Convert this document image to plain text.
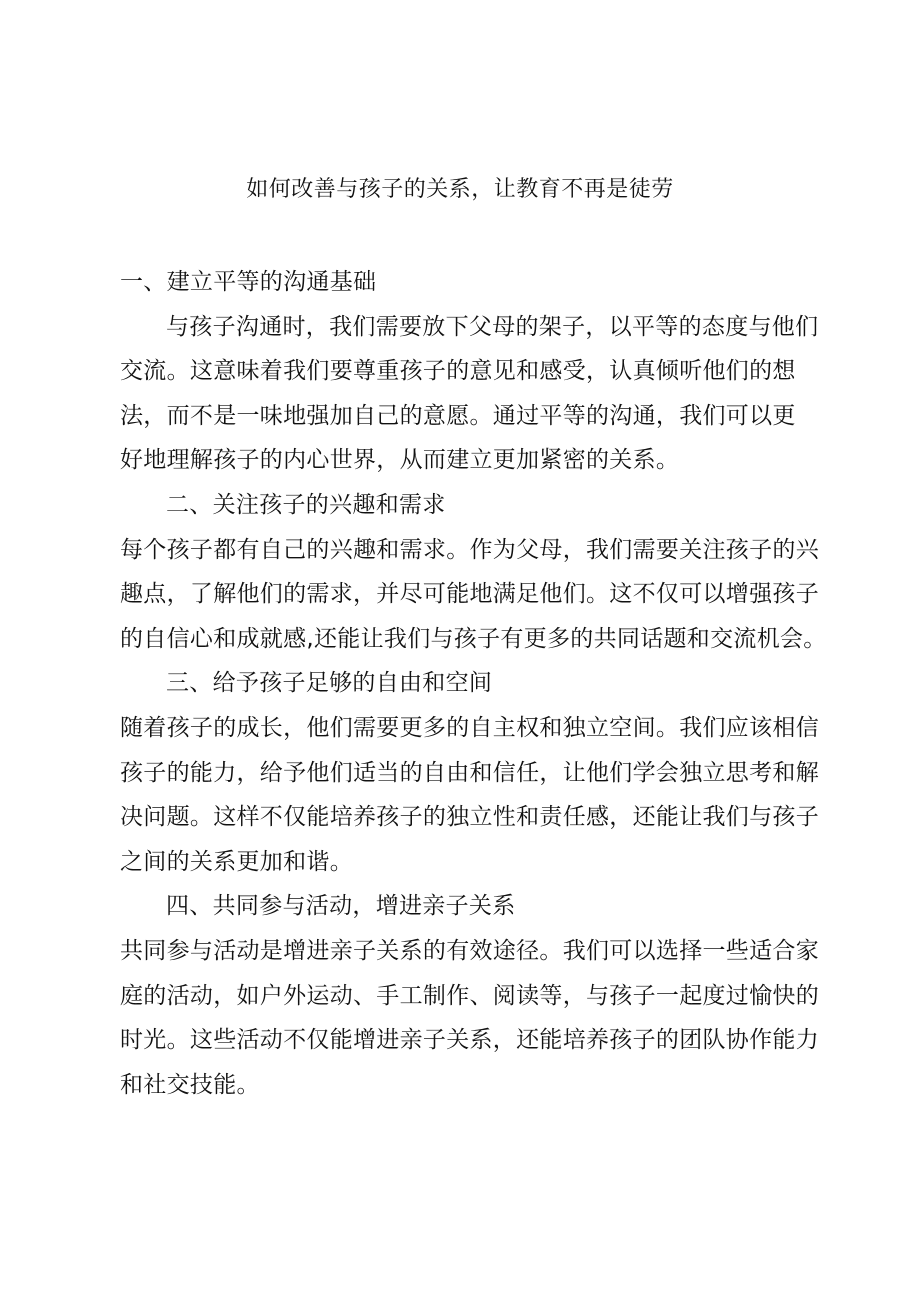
如何改善与孩子的关系，让教育不再是徒劳
一、建立平等的沟通基础
与孩子沟通时，我们需要放下父母的架子，以平等的态度与他们
交流。这意味着我们要尊重孩子的意见和感受，认真倾听他们的想
法，而不是一味地强加自己的意愿。通过平等的沟通，我们可以更
好地理解孩子的内心世界，从而建立更加紧密的关系。
二、关注孩子的兴趣和需求
每个孩子都有自己的兴趣和需求。作为父母，我们需要关注孩子的兴
趣点，了解他们的需求，并尽可能地满足他们。这不仅可以增强孩子
的自信心和成就感,还能让我们与孩子有更多的共同话题和交流机会。
三、给予孩子足够的自由和空间
随着孩子的成长，他们需要更多的自主权和独立空间。我们应该相信
孩子的能力，给予他们适当的自由和信任，让他们学会独立思考和解
决问题。这样不仅能培养孩子的独立性和责任感，还能让我们与孩子
之间的关系更加和谐。
四、共同参与活动，增进亲子关系
共同参与活动是增进亲子关系的有效途径。我们可以选择一些适合家
庭的活动，如户外运动、手工制作、阅读等，与孩子一起度过愉快的
时光。这些活动不仅能增进亲子关系，还能培养孩子的团队协作能力
和社交技能。
